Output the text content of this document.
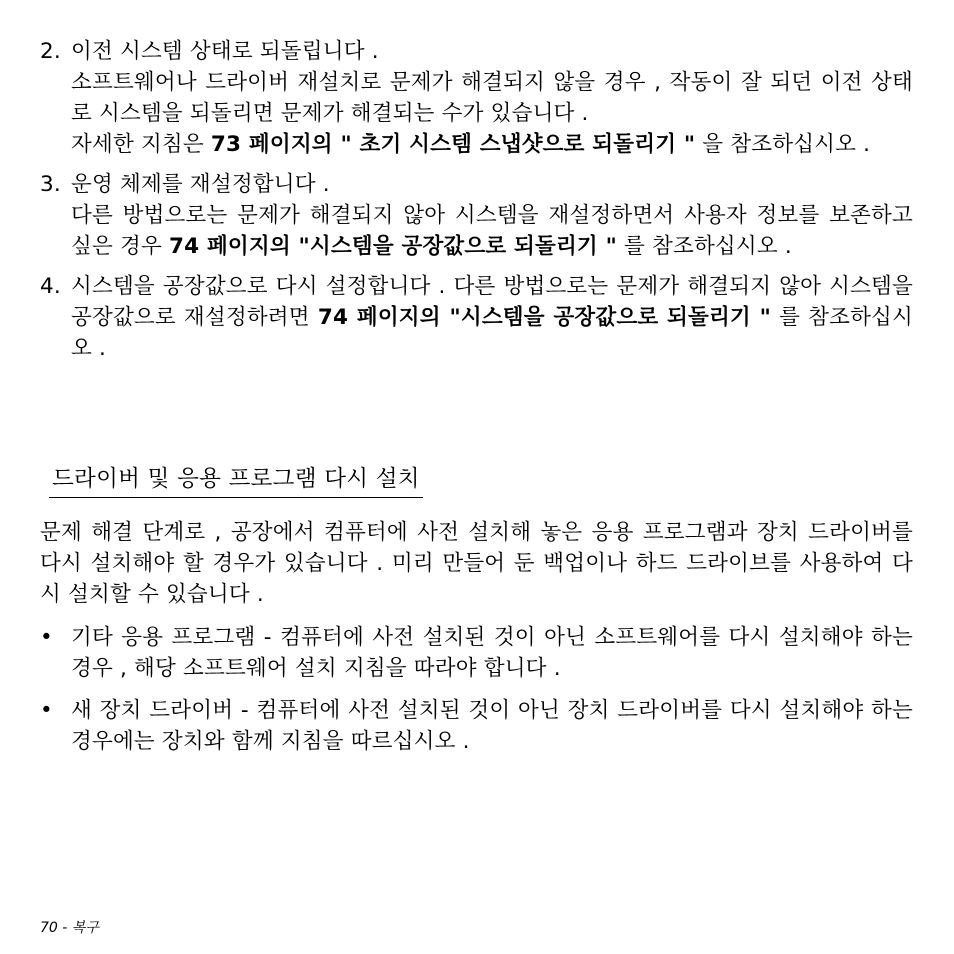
2. 이전 시스템 상태로 되돌립니다 .
소프트웨어나 드라이버 재설치로 문제가 해결되지 않을 경우 , 작동이 잘 되던 이전 상태로 시스템을 되돌리면 문제가 해결되는 수가 있습니다 .
자세한 지침은 73 페이지의 " 초기 시스템 스냅샷으로 되돌리기 " 을 참조하십시오 .
3. 운영 체제를 재설정합니다 .
다른 방법으로는 문제가 해결되지 않아 시스템을 재설정하면서 사용자 정보를 보존하고 싶은 경우 74 페이지의 "시스템을 공장값으로 되돌리기 " 를 참조하십시오 .
4. 시스템을 공장값으로 다시 설정합니다 . 다른 방법으로는 문제가 해결되지 않아 시스템을 공장값으로 재설정하려면 74 페이지의 "시스템을 공장값으로 되돌리기 " 를 참조하십시오 .
드라이버 및 응용 프로그램 다시 설치

문제 해결 단계로 , 공장에서 컴퓨터에 사전 설치해 놓은 응용 프로그램과 장치 드라이버를 다시 설치해야 할 경우가 있습니다 . 미리 만들어 둔 백업이나 하드 드라이브를 사용하여 다시 설치할 수 있습니다 .

• 기타 응용 프로그램 - 컴퓨터에 사전 설치된 것이 아닌 소프트웨어를 다시 설치해야 하는 경우 , 해당 소프트웨어 설치 지침을 따라야 합니다 .
• 새 장치 드라이버 - 컴퓨터에 사전 설치된 것이 아닌 장치 드라이버를 다시 설치해야 하는 경우에는 장치와 함께 지침을 따르십시오 .
70 - 복구
